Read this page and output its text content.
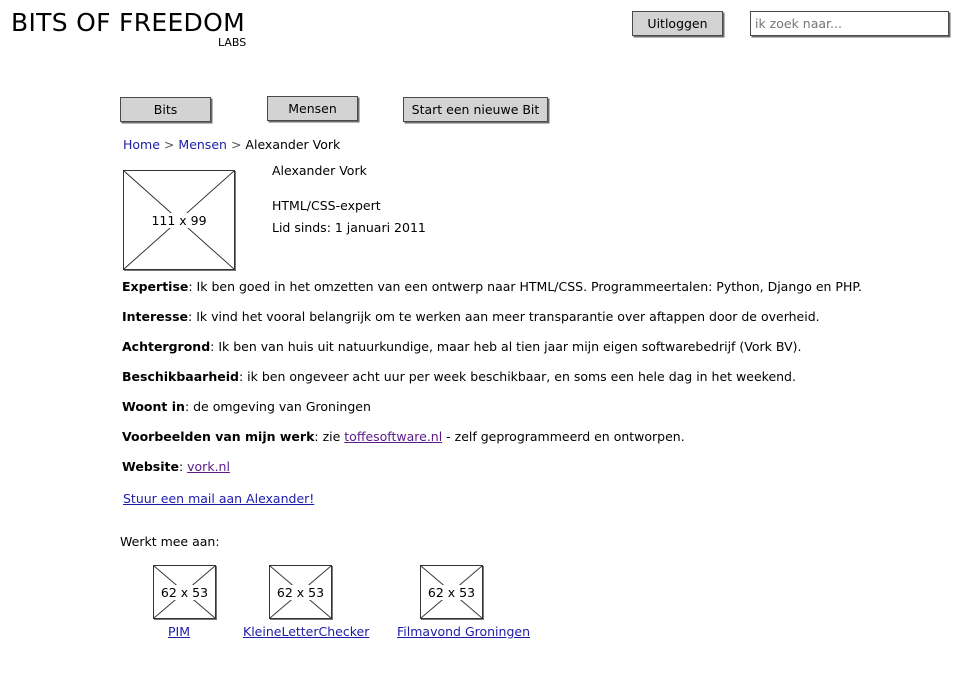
BITS OF FREEDOM
LABS
Uitloggen
ik zoek naar...
Bits	Mensen	Start een nieuwe Bit
Home > Mensen > Alexander Vork
111 x 99
Alexander Vork
HTML/CSS-expert
Lid sinds: 1 januari 2011
Expertise: Ik ben goed in het omzetten van een ontwerp naar HTML/CSS. Programmeertalen: Python, Django en PHP.
Interesse: Ik vind het vooral belangrijk om te werken aan meer transparantie over aftappen door de overheid.
Achtergrond: Ik ben van huis uit natuurkundige, maar heb al tien jaar mijn eigen softwarebedrijf (Vork BV).
Beschikbaarheid: ik ben ongeveer acht uur per week beschikbaar, en soms een hele dag in het weekend.
Woont in: de omgeving van Groningen
Voorbeelden van mijn werk: zie toffesoftware.nl - zelf geprogrammeerd en ontworpen.
Website: vork.nl
Stuur een mail aan Alexander!
Werkt mee aan:
62 x 53
PIM
62 x 53
KleineLetterChecker
62 x 53
Filmavond Groningen
